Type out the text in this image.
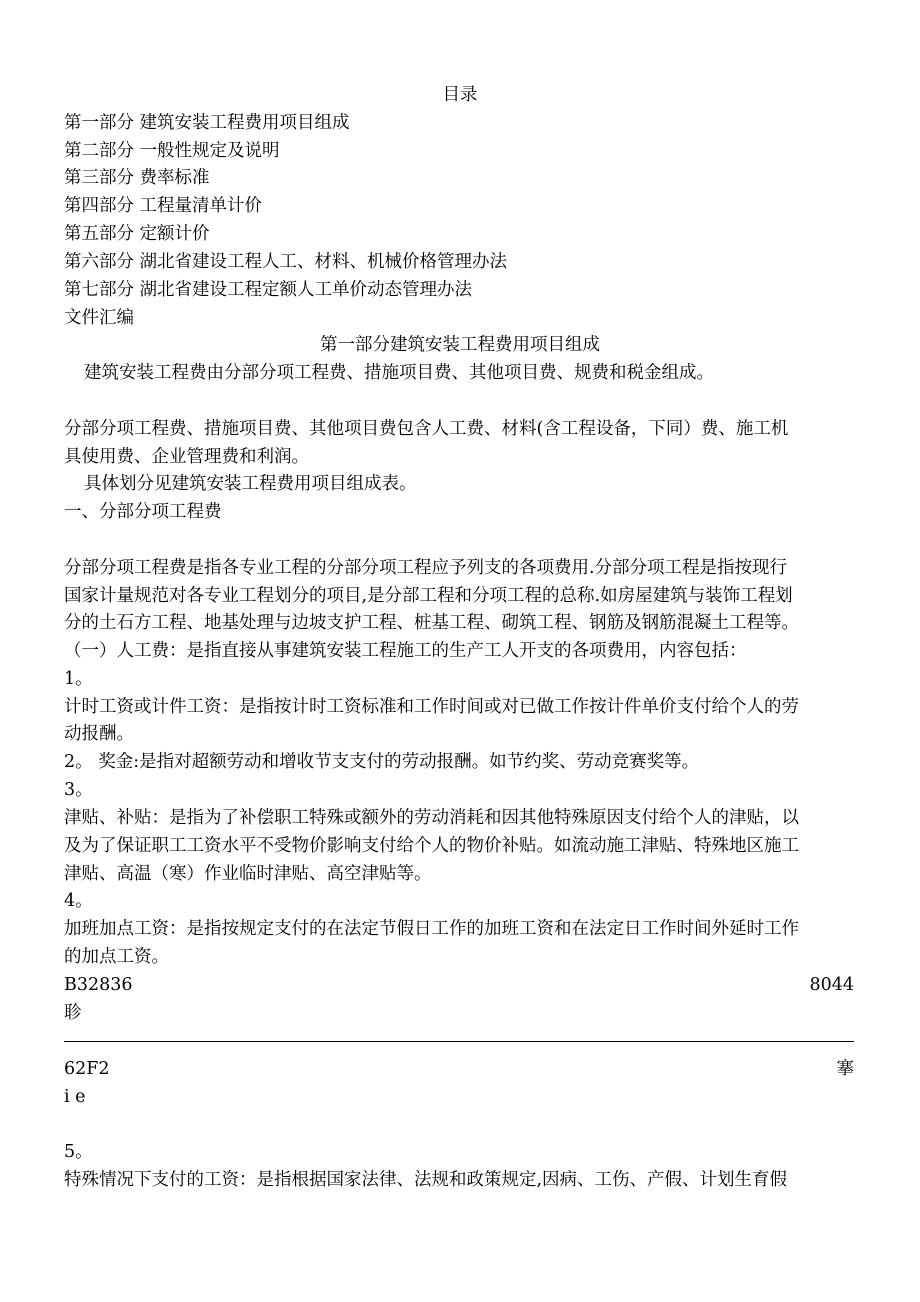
目录
第一部分 建筑安装工程费用项目组成
第二部分 一般性规定及说明
第三部分 费率标准
第四部分 工程量清单计价
第五部分 定额计价
第六部分 湖北省建设工程人工、材料、机械价格管理办法
第七部分 湖北省建设工程定额人工单价动态管理办法
文件汇编
第一部分建筑安装工程费用项目组成
建筑安装工程费由分部分项工程费、措施项目费、其他项目费、规费和税金组成。
分部分项工程费、措施项目费、其他项目费包含人工费、材料(含工程设备，下同）费、施工机
具使用费、企业管理费和利润。
具体划分见建筑安装工程费用项目组成表。
一、分部分项工程费
分部分项工程费是指各专业工程的分部分项工程应予列支的各项费用.分部分项工程是指按现行
国家计量规范对各专业工程划分的项目,是分部工程和分项工程的总称.如房屋建筑与装饰工程划
分的土石方工程、地基处理与边坡支护工程、桩基工程、砌筑工程、钢筋及钢筋混凝土工程等。
（一）人工费：是指直接从事建筑安装工程施工的生产工人开支的各项费用，内容包括：
1。
计时工资或计件工资：是指按计时工资标准和工作时间或对已做工作按计件单价支付给个人的劳
动报酬。
2。 奖金:是指对超额劳动和增收节支支付的劳动报酬。如节约奖、劳动竞赛奖等。
3。
津贴、补贴：是指为了补偿职工特殊或额外的劳动消耗和因其他特殊原因支付给个人的津贴，以
及为了保证职工工资水平不受物价影响支付给个人的物价补贴。如流动施工津贴、特殊地区施工
津贴、高温（寒）作业临时津贴、高空津贴等。
4。
加班加点工资：是指按规定支付的在法定节假日工作的加班工资和在法定日工作时间外延时工作
的加点工资。
B32836	8044
聄
62F2	搴
i e
5。
特殊情况下支付的工资：是指根据国家法律、法规和政策规定,因病、工伤、产假、计划生育假
